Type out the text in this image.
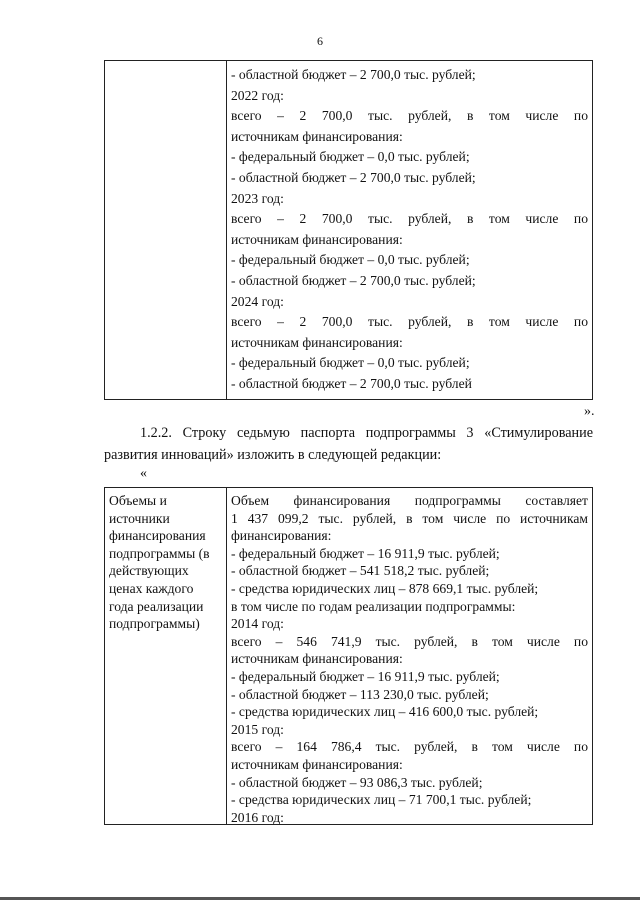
6
- областной бюджет – 2 700,0 тыс. рублей;
2022 год:
всего – 2 700,0 тыс. рублей, в том числе по
источникам финансирования:
- федеральный бюджет – 0,0 тыс. рублей;
- областной бюджет – 2 700,0 тыс. рублей;
2023 год:
всего – 2 700,0 тыс. рублей, в том числе по
источникам финансирования:
- федеральный бюджет – 0,0 тыс. рублей;
- областной бюджет – 2 700,0 тыс. рублей;
2024 год:
всего – 2 700,0 тыс. рублей, в том числе по
источникам финансирования:
- федеральный бюджет – 0,0 тыс. рублей;
- областной бюджет – 2 700,0 тыс. рублей
».
1.2.2. Строку седьмую паспорта подпрограммы 3 «Стимулирование
развития инноваций» изложить в следующей редакции:
«
Объемы и
источники
финансирования
подпрограммы (в
действующих
ценах каждого
года реализации
подпрограммы)
Объем финансирования подпрограммы составляет
1 437 099,2 тыс. рублей, в том числе по источникам
финансирования:
- федеральный бюджет – 16 911,9 тыс. рублей;
- областной бюджет – 541 518,2 тыс. рублей;
- средства юридических лиц – 878 669,1 тыс. рублей;
в том числе по годам реализации подпрограммы:
2014 год:
всего – 546 741,9 тыс. рублей, в том числе по
источникам финансирования:
- федеральный бюджет – 16 911,9 тыс. рублей;
- областной бюджет – 113 230,0 тыс. рублей;
- средства юридических лиц – 416 600,0 тыс. рублей;
2015 год:
всего – 164 786,4 тыс. рублей, в том числе по
источникам финансирования:
- областной бюджет – 93 086,3 тыс. рублей;
- средства юридических лиц – 71 700,1 тыс. рублей;
2016 год:
